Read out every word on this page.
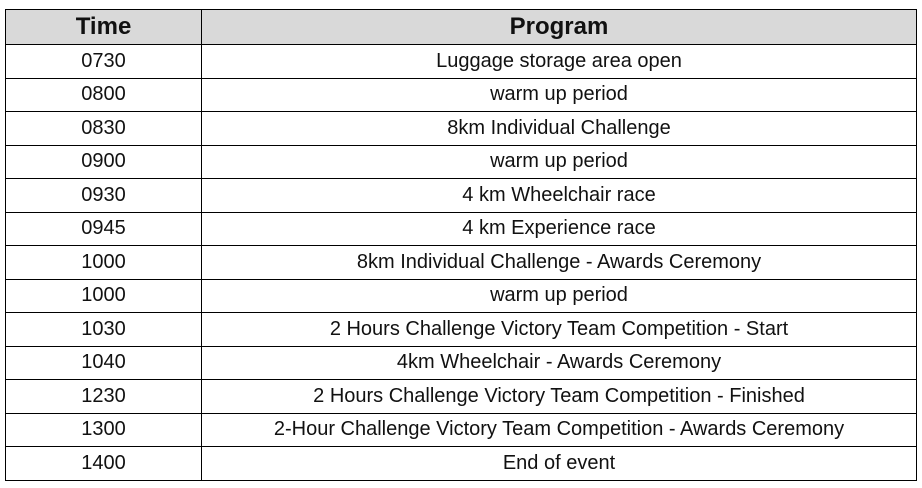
Time	Program
0730	Luggage storage area open
0800	warm up period
0830	8km Individual Challenge
0900	warm up period
0930	4 km Wheelchair race
0945	4 km Experience race
1000	8km Individual Challenge - Awards Ceremony
1000	warm up period
1030	2 Hours Challenge Victory Team Competition - Start
1040	4km Wheelchair - Awards Ceremony
1230	2 Hours Challenge Victory Team Competition - Finished
1300	2-Hour Challenge Victory Team Competition - Awards Ceremony
1400	End of event
